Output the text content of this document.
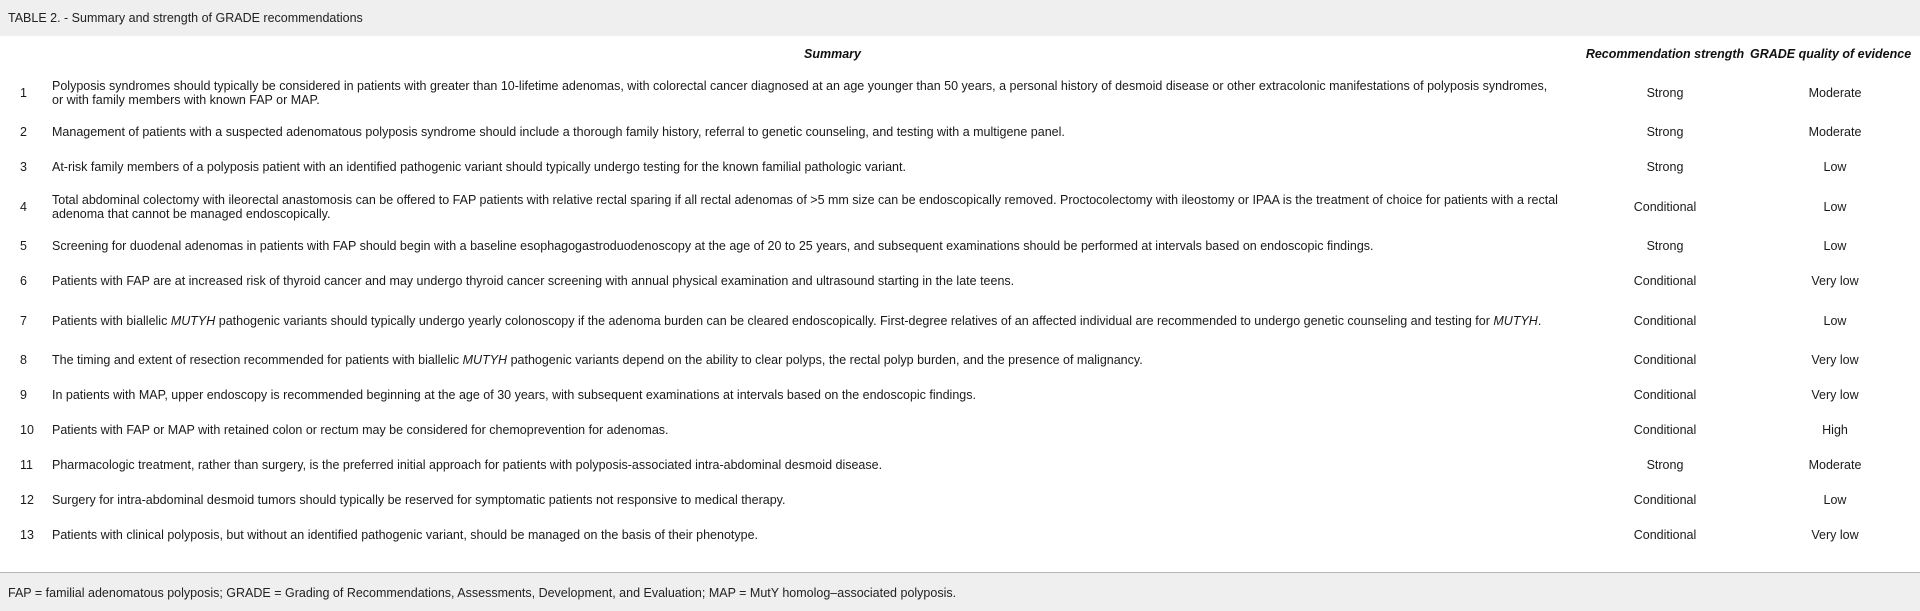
TABLE 2. - Summary and strength of GRADE recommendations
	Summary	Recommendation strength	GRADE quality of evidence
1	Polyposis syndromes should typically be considered in patients with greater than 10-lifetime adenomas, with colorectal cancer diagnosed at an age younger than 50 years, a personal history of desmoid disease or other extracolonic manifestations of polyposis syndromes, or with family members with known FAP or MAP.	Strong	Moderate
2	Management of patients with a suspected adenomatous polyposis syndrome should include a thorough family history, referral to genetic counseling, and testing with a multigene panel.	Strong	Moderate
3	At-risk family members of a polyposis patient with an identified pathogenic variant should typically undergo testing for the known familial pathologic variant.	Strong	Low
4	Total abdominal colectomy with ileorectal anastomosis can be offered to FAP patients with relative rectal sparing if all rectal adenomas of >5 mm size can be endoscopically removed. Proctocolectomy with ileostomy or IPAA is the treatment of choice for patients with a rectal adenoma that cannot be managed endoscopically.	Conditional	Low
5	Screening for duodenal adenomas in patients with FAP should begin with a baseline esophagogastroduodenoscopy at the age of 20 to 25 years, and subsequent examinations should be performed at intervals based on endoscopic findings.	Strong	Low
6	Patients with FAP are at increased risk of thyroid cancer and may undergo thyroid cancer screening with annual physical examination and ultrasound starting in the late teens.	Conditional	Very low
7	Patients with biallelic MUTYH pathogenic variants should typically undergo yearly colonoscopy if the adenoma burden can be cleared endoscopically. First-degree relatives of an affected individual are recommended to undergo genetic counseling and testing for MUTYH.	Conditional	Low
8	The timing and extent of resection recommended for patients with biallelic MUTYH pathogenic variants depend on the ability to clear polyps, the rectal polyp burden, and the presence of malignancy.	Conditional	Very low
9	In patients with MAP, upper endoscopy is recommended beginning at the age of 30 years, with subsequent examinations at intervals based on the endoscopic findings.	Conditional	Very low
10	Patients with FAP or MAP with retained colon or rectum may be considered for chemoprevention for adenomas.	Conditional	High
11	Pharmacologic treatment, rather than surgery, is the preferred initial approach for patients with polyposis-associated intra-abdominal desmoid disease.	Strong	Moderate
12	Surgery for intra-abdominal desmoid tumors should typically be reserved for symptomatic patients not responsive to medical therapy.	Conditional	Low
13	Patients with clinical polyposis, but without an identified pathogenic variant, should be managed on the basis of their phenotype.	Conditional	Very low
FAP = familial adenomatous polyposis; GRADE = Grading of Recommendations, Assessments, Development, and Evaluation; MAP = MutY homolog–associated polyposis.
